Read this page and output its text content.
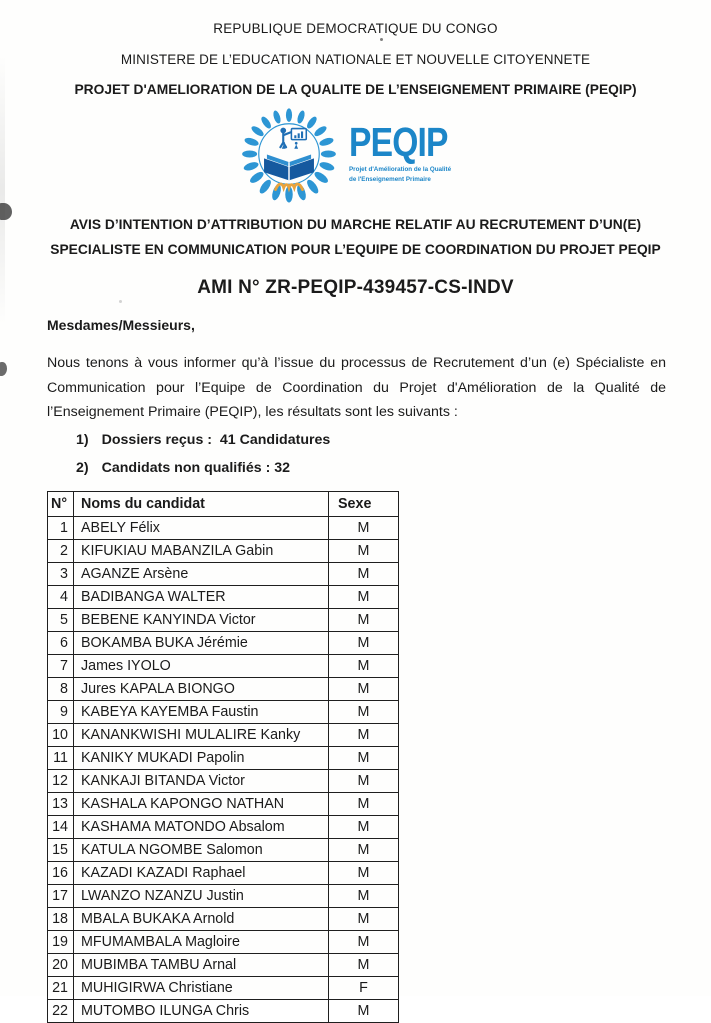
REPUBLIQUE DEMOCRATIQUE DU CONGO
MINISTERE DE L’EDUCATION NATIONALE ET NOUVELLE CITOYENNETE
PROJET D'AMELIORATION DE LA QUALITE DE L’ENSEIGNEMENT PRIMAIRE (PEQIP)
PEQIP
Projet d'Amélioration de la Qualité
de l'Enseignement Primaire
AVIS D’INTENTION D’ATTRIBUTION DU MARCHE RELATIF AU RECRUTEMENT D’UN(E)
SPECIALISTE EN COMMUNICATION POUR L’EQUIPE DE COORDINATION DU PROJET PEQIP
AMI N° ZR-PEQIP-439457-CS-INDV
Mesdames/Messieurs,
Nous tenons à vous informer qu’à l’issue du processus de Recrutement d’un (e) Spécialiste en Communication pour l’Equipe de Coordination du Projet d'Amélioration de la Qualité de l’Enseignement Primaire (PEQIP), les résultats sont les suivants :
1) Dossiers reçus :  41 Candidatures
2) Candidats non qualifiés : 32
N°	Noms du candidat	Sexe
1	ABELY Félix	M
2	KIFUKIAU MABANZILA Gabin	M
3	AGANZE Arsène	M
4	BADIBANGA WALTER	M
5	BEBENE KANYINDA Victor	M
6	BOKAMBA BUKA Jérémie	M
7	James IYOLO	M
8	Jures KAPALA BIONGO	M
9	KABEYA KAYEMBA Faustin	M
10	KANANKWISHI MULALIRE Kanky	M
11	KANIKY MUKADI Papolin	M
12	KANKAJI BITANDA Victor	M
13	KASHALA KAPONGO NATHAN	M
14	KASHAMA MATONDO Absalom	M
15	KATULA NGOMBE Salomon	M
16	KAZADI KAZADI Raphael	M
17	LWANZO NZANZU Justin	M
18	MBALA BUKAKA Arnold	M
19	MFUMAMBALA Magloire	M
20	MUBIMBA TAMBU Arnal	M
21	MUHIGIRWA Christiane	F
22	MUTOMBO ILUNGA Chris	M
